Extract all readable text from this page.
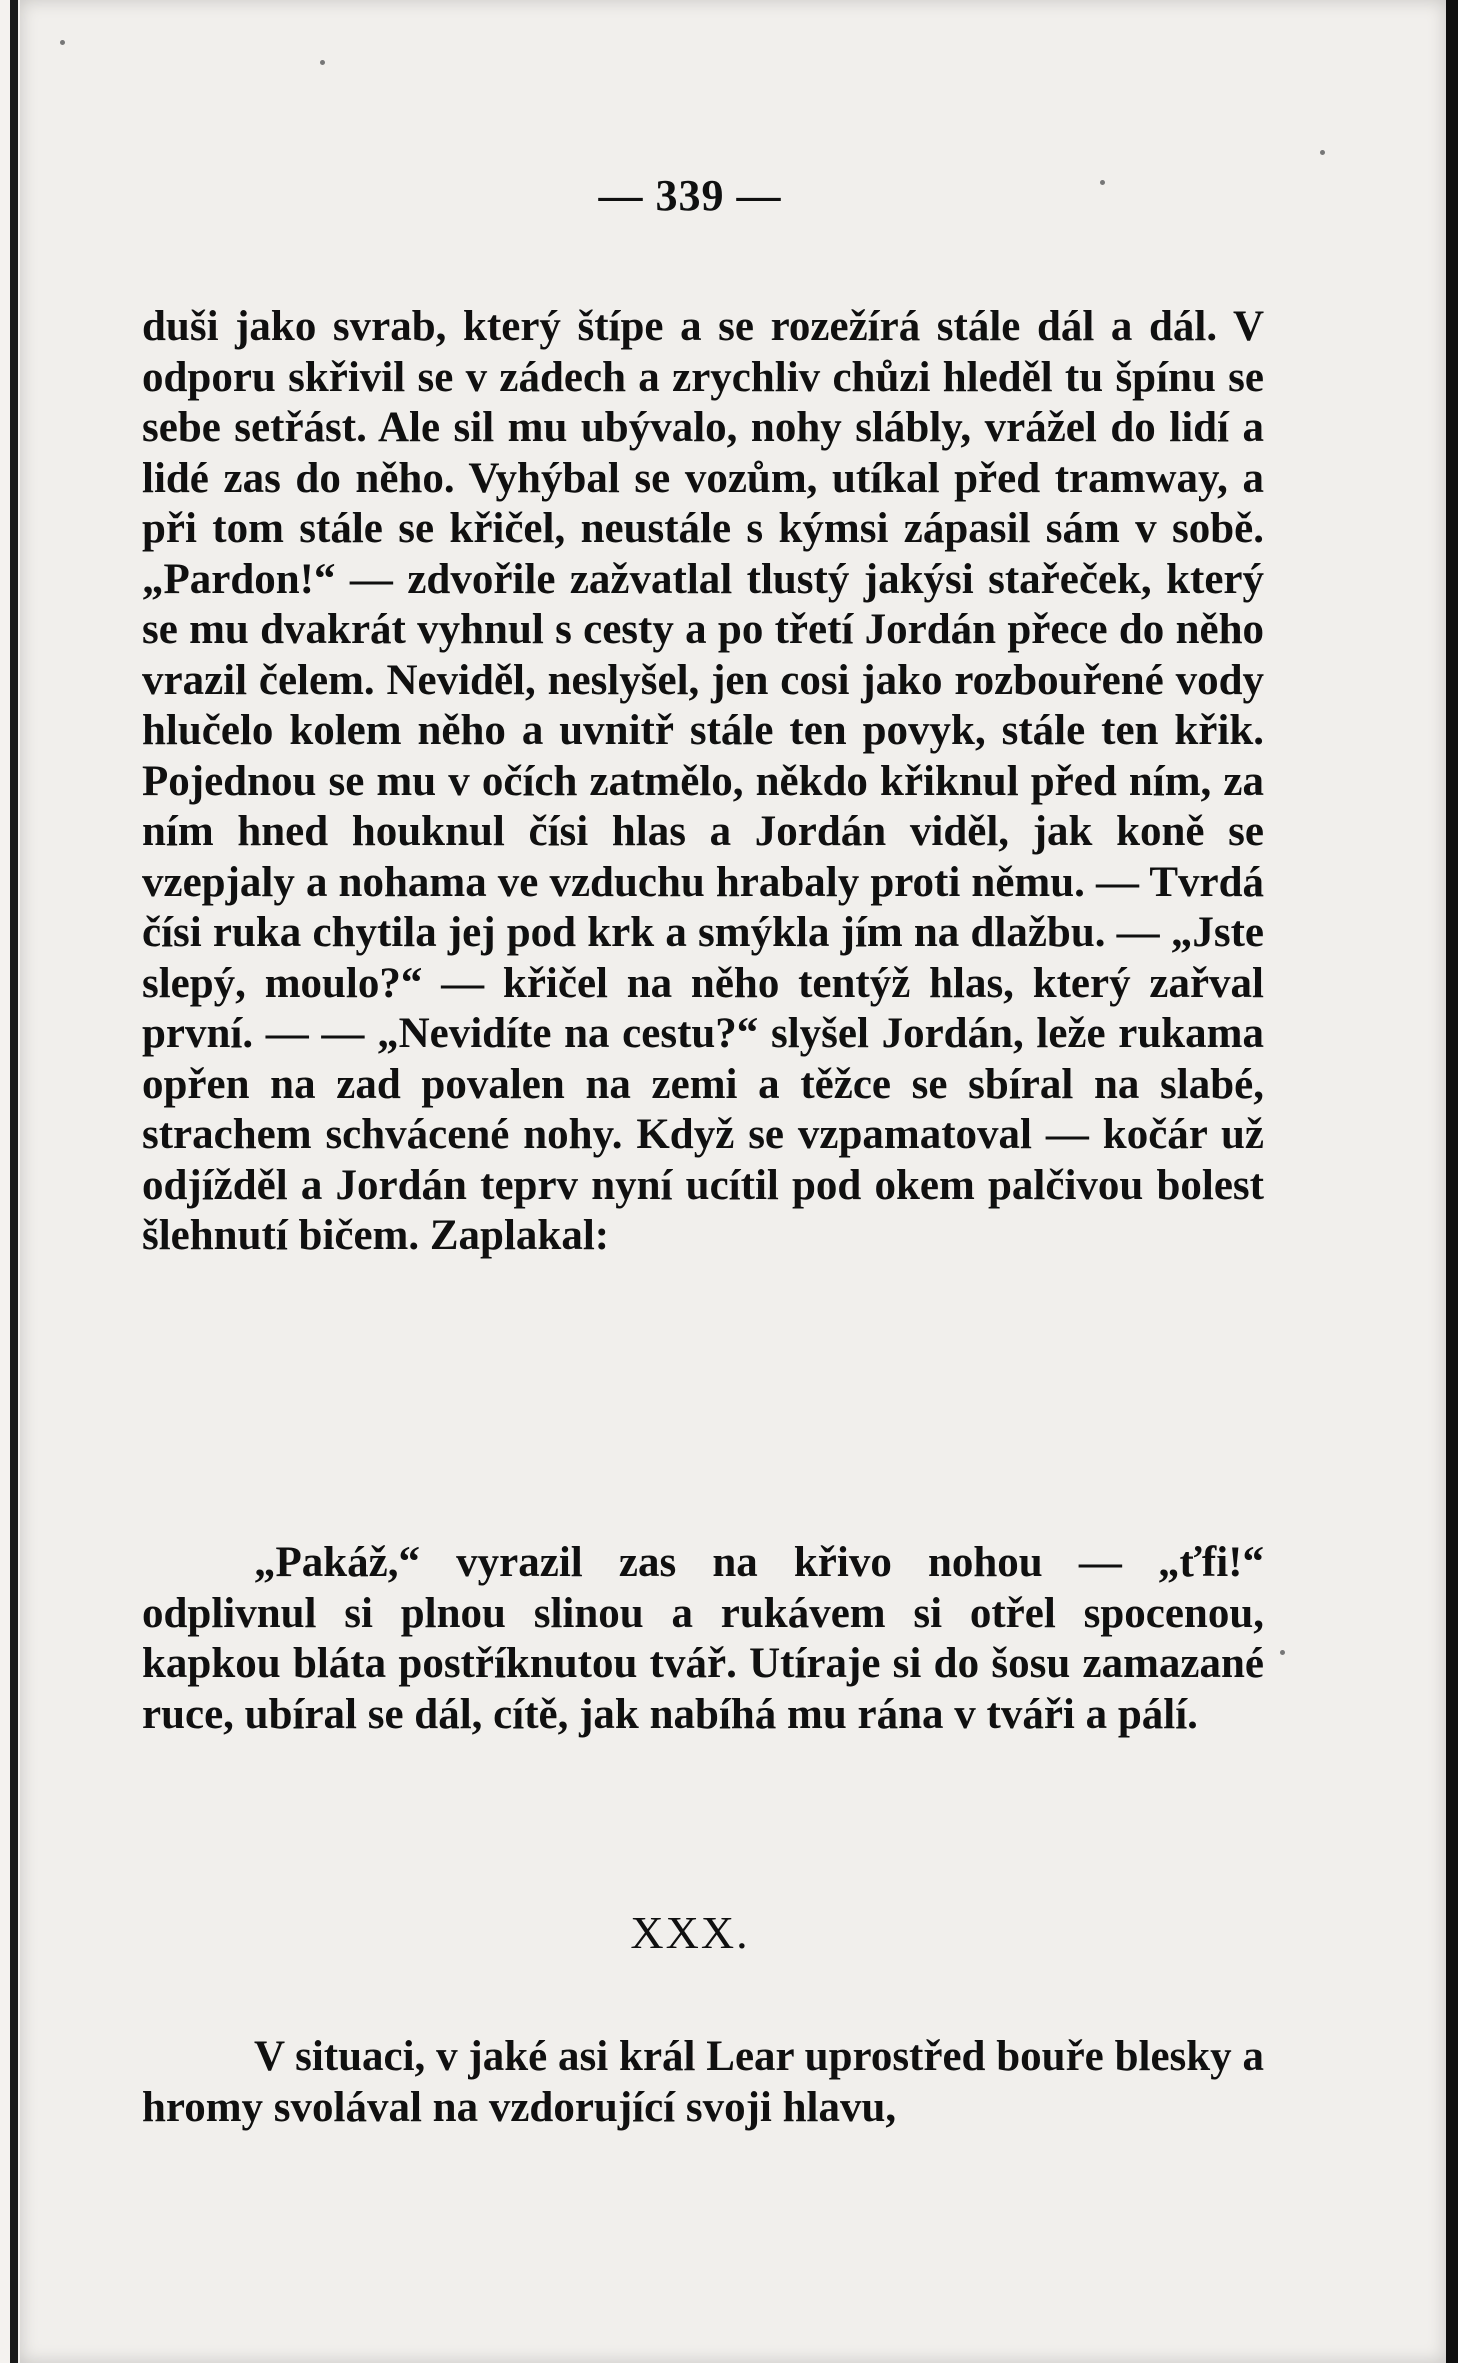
— 339 —

duši jako svrab, který štípe a se rozežírá stále dál a dál. V odporu skřivil se v zádech a zrychliv chůzi hleděl tu špínu se sebe setřást. Ale sil mu ubývalo, nohy slábly, vrážel do lidí a lidé zas do něho. Vyhýbal se vozům, utíkal před tramway, a při tom stále se křičel, neustále s kýmsi zápasil sám v sobě. „Pardon!“ — zdvořile zažvatlal tlustý jakýsi stařeček, který se mu dvakrát vyhnul s cesty a po třetí Jordán přece do něho vrazil čelem. Neviděl, neslyšel, jen cosi jako rozbouřené vody hlučelo kolem něho a uvnitř stále ten povyk, stále ten křik. Pojednou se mu v očích zatmělo, někdo křiknul před ním, za ním hned houknul čísi hlas a Jordán viděl, jak koně se vzepjaly a nohama ve vzduchu hrabaly proti němu. — Tvrdá čísi ruka chytila jej pod krk a smýkla jím na dlažbu. — „Jste slepý, moulo?“ — křičel na něho tentýž hlas, který zařval první. — — „Nevidíte na cestu?“ slyšel Jordán, leže rukama opřen na zad povalen na zemi a těžce se sbíral na slabé, strachem schvácené nohy. Když se vzpamatoval — kočár už odjížděl a Jordán teprv nyní ucítil pod okem palčivou bolest šlehnutí bičem. Zaplakal:

„Pakáž,“ vyrazil zas na křivo nohou — „ťfi!“ odplivnul si plnou slinou a rukávem si otřel spocenou, kapkou bláta postříknutou tvář. Utíraje si do šosu zamazané ruce, ubíral se dál, cítě, jak nabíhá mu rána v tváři a pálí.

XXX.

V situaci, v jaké asi král Lear uprostřed bouře blesky a hromy svolával na vzdorující svoji hlavu,
